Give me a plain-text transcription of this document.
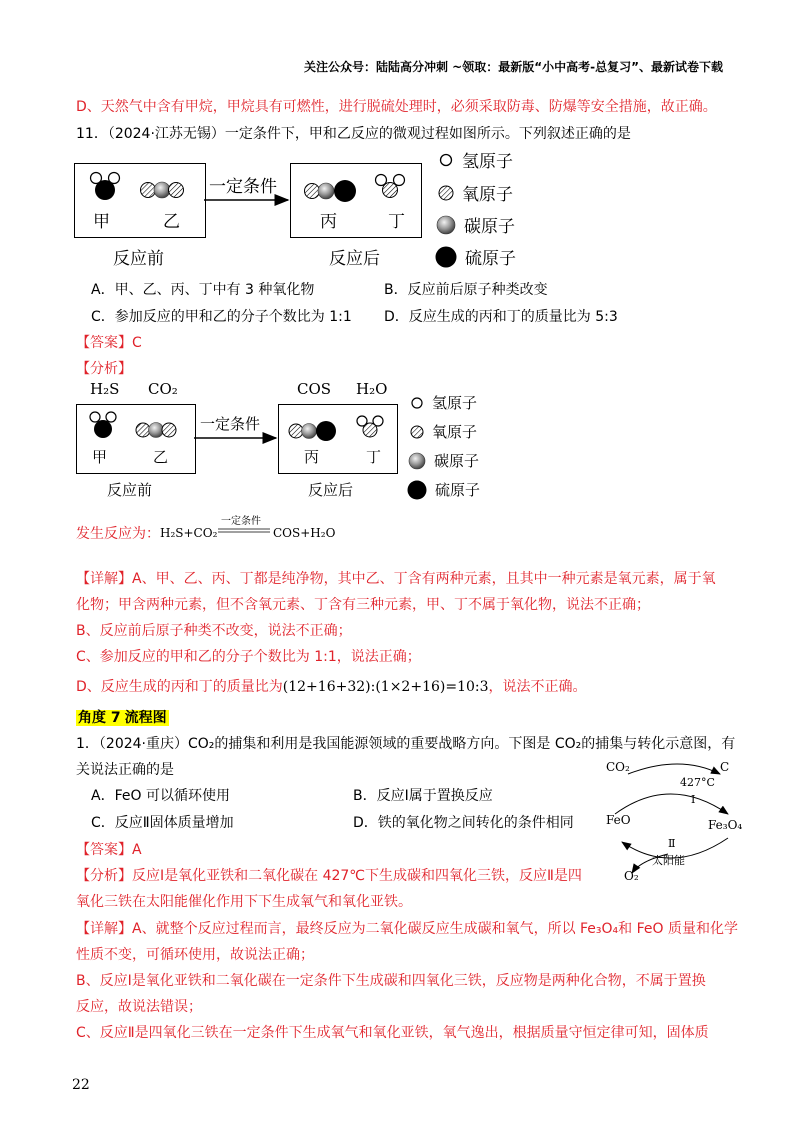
关注公众号：陆陆高分冲刺 ~领取：最新版“小中高考-总复习”、最新试卷下载
D、天然气中含有甲烷，甲烷具有可燃性，进行脱硫处理时，必须采取防毒、防爆等安全措施，故正确。
11．（2024·江苏无锡）一定条件下，甲和乙反应的微观过程如图所示。下列叙述正确的是
甲	乙
一定条件
丙	丁
反应前	反应后
氢原子
氧原子
碳原子
硫原子
A．甲、乙、丙、丁中有 3 种氧化物	B．反应前后原子种类改变
C．参加反应的甲和乙的分子个数比为 1:1 D．反应生成的丙和丁的质量比为 5:3
【答案】C
【分析】
H₂S CO₂	COS H₂O
甲	乙
一定条件
丙	丁
反应前	反应后
氢原子
氧原子
碳原子
硫原子
发生反应为： H₂S+CO₂
一定条件
COS+H₂O
【详解】A、甲、乙、丙、丁都是纯净物，其中乙、丁含有两种元素，且其中一种元素是氧元素，属于氧
化物；甲含两种元素，但不含氧元素、丁含有三种元素，甲、丁不属于氧化物，说法不正确；
B、反应前后原子种类不改变，说法不正确；
C、参加反应的甲和乙的分子个数比为 1:1，说法正确；
D、反应生成的丙和丁的质量比为(12+16+32):(1×2+16)=10:3，说法不正确。
角度 7 流程图
1．（2024·重庆）CO₂的捕集和利用是我国能源领域的重要战略方向。下图是 CO₂的捕集与转化示意图，有
关说法正确的是
A．FeO 可以循环使用	B．反应Ⅰ属于置换反应
C．反应Ⅱ固体质量增加	D．铁的氧化物之间转化的条件相同
CO₂	C
427°C
Ⅰ
FeO	Fe₃O₄
Ⅱ
太阳能
O₂
【答案】A
【分析】反应Ⅰ是氧化亚铁和二氧化碳在 427℃下生成碳和四氧化三铁，反应Ⅱ是四
氧化三铁在太阳能催化作用下下生成氧气和氧化亚铁。
【详解】A、就整个反应过程而言，最终反应为二氧化碳反应生成碳和氧气，所以 Fe₃O₄和 FeO 质量和化学
性质不变，可循环使用，故说法正确；
B、反应Ⅰ是氧化亚铁和二氧化碳在一定条件下生成碳和四氧化三铁，反应物是两种化合物，不属于置换
反应，故说法错误；
C、反应Ⅱ是四氧化三铁在一定条件下生成氧气和氧化亚铁，氧气逸出，根据质量守恒定律可知，固体质
22
